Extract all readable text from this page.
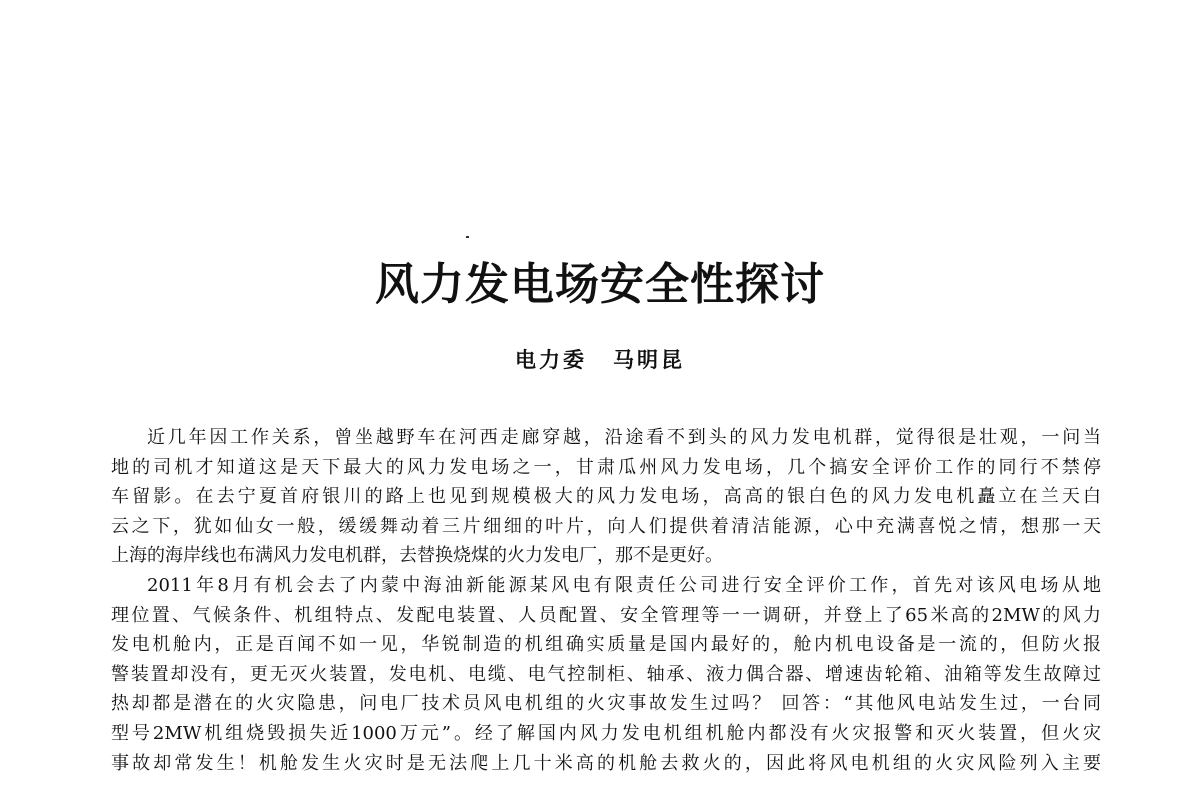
风力发电场安全性探讨
电力委 马明昆

近几年因工作关系，曾坐越野车在河西走廊穿越，沿途看不到头的风力发电机群，觉得很是壮观，一问当
地的司机才知道这是天下最大的风力发电场之一，甘肃瓜州风力发电场，几个搞安全评价工作的同行不禁停
车留影。在去宁夏首府银川的路上也见到规模极大的风力发电场，高高的银白色的风力发电机矗立在兰天白
云之下，犹如仙女一般，缓缓舞动着三片细细的叶片，向人们提供着清洁能源，心中充满喜悦之情，想那一天
上海的海岸线也布满风力发电机群，去替换烧煤的火力发电厂，那不是更好。

2011年8月有机会去了内蒙中海油新能源某风电有限责任公司进行安全评价工作，首先对该风电场从地
理位置、气候条件、机组特点、发配电装置、人员配置、安全管理等一一调研，并登上了65米高的2MW的风力
发电机舱内，正是百闻不如一见，华锐制造的机组确实质量是国内最好的，舱内机电设备是一流的，但防火报
警装置却没有，更无灭火装置，发电机、电缆、电气控制柜、轴承、液力偶合器、增速齿轮箱、油箱等发生故障过
热却都是潜在的火灾隐患，问电厂技术员风电机组的火灾事故发生过吗？ 回答：“其他风电站发生过，一台同
型号2MW机组烧毁损失近1000万元”。经了解国内风力发电机组机舱内都没有火灾报警和灭火装置，但火灾
事故却常发生！机舱发生火灾时是无法爬上几十米高的机舱去救火的，因此将风电机组的火灾风险列入主要
